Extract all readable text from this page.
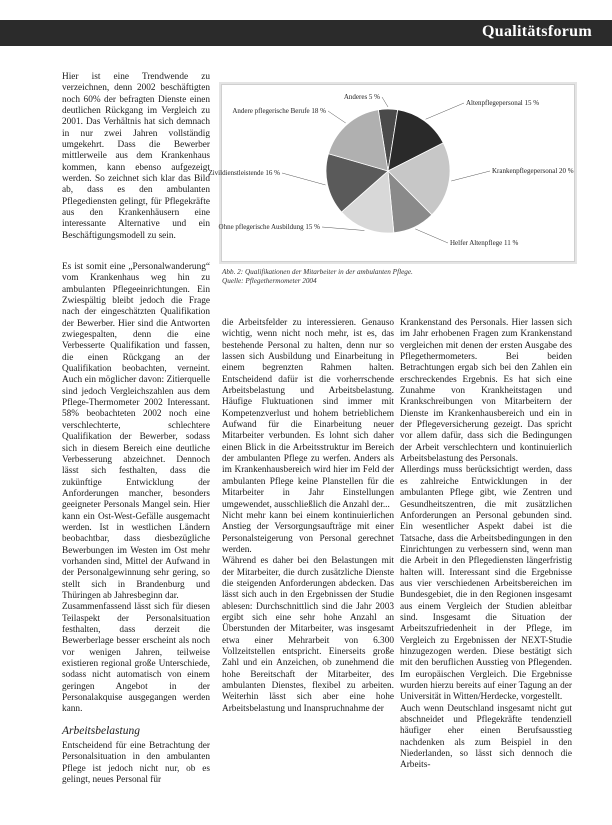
Qualitätsforum

Hier ist eine Trendwende zu verzeichnen, denn 2002 beschäftigten noch 60% der befragten Dienste einen deutlichen Rückgang im Vergleich zu 2001. Das Verhältnis hat sich demnach in nur zwei Jahren vollständig umgekehrt. Dass die Bewerber mittlerweile aus dem Krankenhaus kommen, kann ebenso aufgezeigt werden. So zeichnet sich klar das Bild ab, dass es den ambulanten Pflegediensten gelingt, für Pflegekräfte aus den Krankenhäusern eine interessante Alternative und ein Beschäftigungsmodell zu sein.

Es ist somit eine „Personalwanderung“ vom Krankenhaus weg hin zu ambulanten Pflegeeinrichtungen. Ein Zwiespältig bleibt jedoch die Frage nach der eingeschätzten Qualifikation der Bewerber. Hier sind die Antworten zwiegespalten, denn die eine Verbesserte Qualifikation und fassen, die einen Rückgang an der Qualifikation beobachten, verneint. Auch ein möglicher davon: Zitierquelle sind jedoch Vergleichszahlen aus dem Pflege-Thermometer 2002 Interessant. 58% beobachteten 2002 noch eine verschlechterte, schlechtere Qualifikation der Bewerber, sodass sich in diesem Bereich eine deutliche Verbesserung abzeichnet. Dennoch lässt sich festhalten, dass die zukünftige Entwicklung der Anforderungen mancher, besonders geeigneter Personals Mangel sein. Hier kann ein Ost-West-Gefälle ausgemacht werden. Ist in westlichen Ländern beobachtbar, dass diesbezügliche Bewerbungen im Westen im Ost mehr vorhanden sind, Mittel der Aufwand in der Personalgewinnung sehr gering, so stellt sich in Brandenburg und Thüringen ab Jahresbeginn dar.

Zusammenfassend lässt sich für diesen Teilaspekt der Personalsituation festhalten, dass derzeit die Bewerberlage besser erscheint als noch vor wenigen Jahren, teilweise existieren regional große Unterschiede, sodass nicht automatisch von einem geringen Angebot in der Personalakquise ausgegangen werden kann.

Arbeitsbelastung

Entscheidend für eine Betrachtung der Personalsituation in den ambulanten Pflege ist jedoch nicht nur, ob es gelingt, neues Personal für

Anderes 5 %
Altenpflegepersonal 15 %
Krankenpflegepersonal 20 %
Helfer Altenpflege 11 %
Ohne pflegerische Ausbildung 15 %
Zivildienstleistende 16 %
Andere pflegerische Berufe 18 %
Abb. 2: Qualifikationen der Mitarbeiter in der ambulanten Pflege.
Quelle: Pflegethermometer 2004

die Arbeitsfelder zu interessieren. Genauso wichtig, wenn nicht noch mehr, ist es, das bestehende Personal zu halten, denn nur so lassen sich Ausbildung und Einarbeitung in einem begrenzten Rahmen halten. Entscheidend dafür ist die vorherrschende Arbeitsbelastung und Arbeitsbelastung. Häufige Fluktuationen sind immer mit Kompetenzverlust und hohem betrieblichem Aufwand für die Einarbeitung neuer Mitarbeiter verbunden. Es lohnt sich daher einen Blick in die Arbeitsstruktur im Bereich der ambulanten Pflege zu werfen. Anders als im Krankenhausbereich wird hier im Feld der ambulanten Pflege keine Planstellen für die Mitarbeiter in Jahr Einstellungen umgewendet, ausschließlich die Anzahl der...

Nicht mehr kann bei einem kontinuierlichen Anstieg der Versorgungsaufträge mit einer Personalsteigerung von Personal gerechnet werden.

Während es daher bei den Belastungen mit der Mitarbeiter, die durch zusätzliche Dienste die steigenden Anforderungen abdecken. Das lässt sich auch in den Ergebnissen der Studie ablesen: Durchschnittlich sind die Jahr 2003 ergibt sich eine sehr hohe Anzahl an Überstunden der Mitarbeiter, was insgesamt etwa einer Mehrarbeit von 6.300 Vollzeitstellen entspricht. Einerseits große Zahl und ein Anzeichen, ob zunehmend die hohe Bereitschaft der Mitarbeiter, des ambulanten Dienstes, flexibel zu arbeiten. Weiterhin lässt sich aber eine hohe Arbeitsbelastung und Inanspruchnahme der

Krankenstand des Personals. Hier lassen sich im Jahr erhobenen Fragen zum Krankenstand vergleichen mit denen der ersten Ausgabe des Pflegethermometers. Bei beiden Betrachtungen ergab sich bei den Zahlen ein erschreckendes Ergebnis. Es hat sich eine Zunahme von Krankheitstagen und Krankschreibungen von Mitarbeitern der Dienste im Krankenhausbereich und ein in der Pflegeversicherung gezeigt. Das spricht vor allem dafür, dass sich die Bedingungen der Arbeit verschlechtern und kontinuierlich Arbeitsbelastung des Personals.

Allerdings muss berücksichtigt werden, dass es zahlreiche Entwicklungen in der ambulanten Pflege gibt, wie Zentren und Gesundheitszentren, die mit zusätzlichen Anforderungen an Personal gebunden sind. Ein wesentlicher Aspekt dabei ist die Tatsache, dass die Arbeitsbedingungen in den Einrichtungen zu verbessern sind, wenn man die Arbeit in den Pflegediensten längerfristig halten will. Interessant sind die Ergebnisse aus vier verschiedenen Arbeitsbereichen im Bundesgebiet, die in den Regionen insgesamt aus einem Vergleich der Studien ableitbar sind. Insgesamt die Situation der Arbeitszufriedenheit in der Pflege, im Vergleich zu Ergebnissen der NEXT-Studie hinzugezogen werden. Diese bestätigt sich mit den beruflichen Ausstieg von Pflegenden. Im europäischen Vergleich. Die Ergebnisse wurden hierzu bereits auf einer Tagung an der Universität in Witten/Herdecke, vorgestellt.

Auch wenn Deutschland insgesamt nicht gut abschneidet und Pflegekräfte tendenziell häufiger eher einen Berufsausstieg nachdenken als zum Beispiel in den Niederlanden, so lässt sich dennoch die Arbeits-
